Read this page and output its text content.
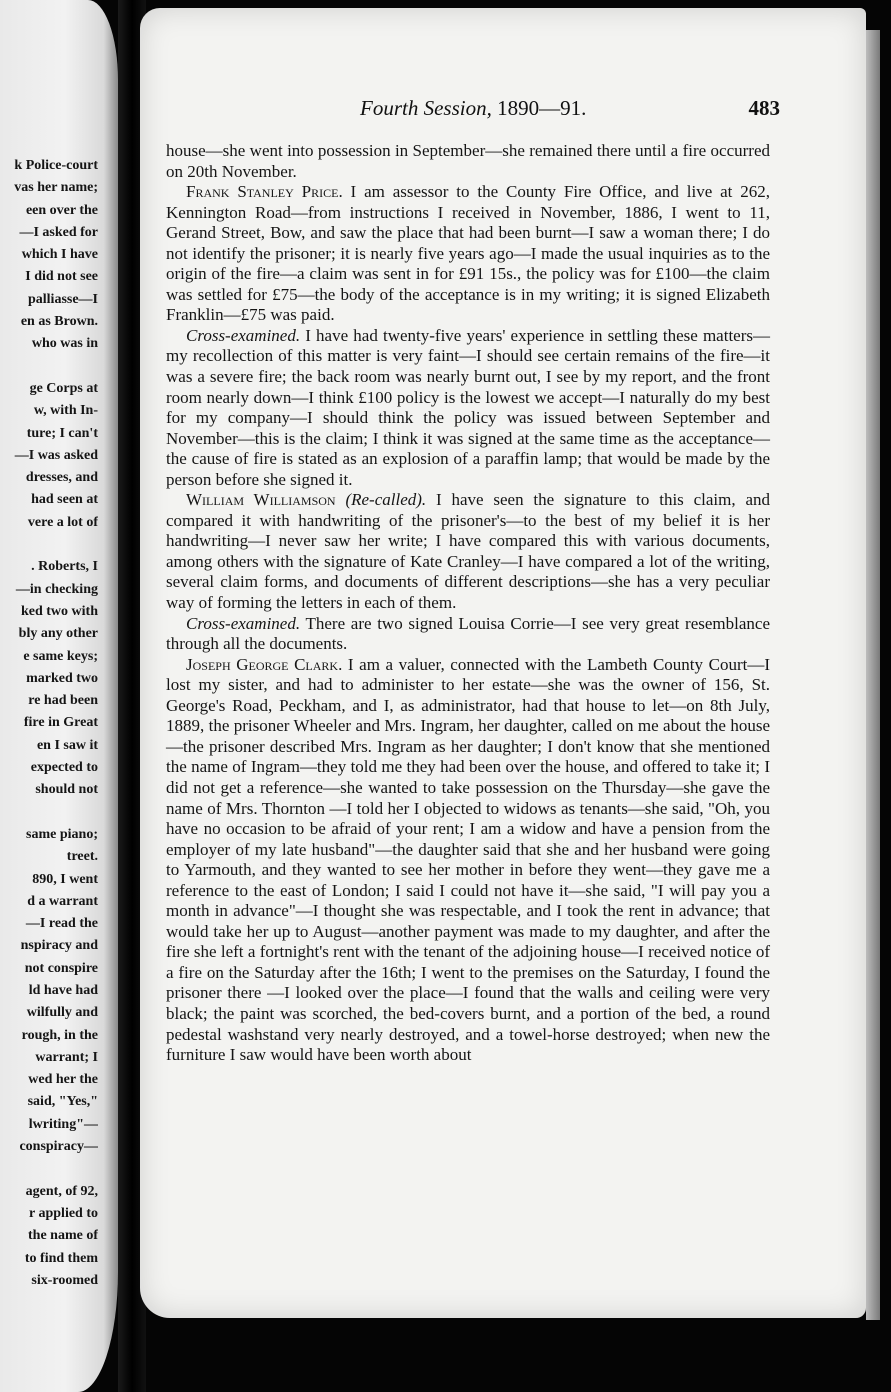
k Police-court
vas her name;
een over the
—I asked for
which I have
I did not see
palliasse—I
en as Brown.
who was in
ge Corps at
w, with In-
ture; I can't
—I was asked
dresses, and
had seen at
vere a lot of
. Roberts, I
—in checking
ked two with
bly any other
e same keys;
marked two
re had been
fire in Great
en I saw it
expected to
should not
same piano;
treet.
890, I went
d a warrant
—I read the
nspiracy and
not conspire
ld have had
wilfully and
rough, in the
warrant; I
wed her the
said, "Yes,"
lwriting"—
conspiracy—
agent, of 92,
r applied to
the name of
to find them
six-roomed
Fourth Session, 1890—91.	483

house—she went into possession in September—she remained there until a fire occurred on 20th November.

Frank Stanley Price. I am assessor to the County Fire Office, and live at 262, Kennington Road—from instructions I received in November, 1886, I went to 11, Gerand Street, Bow, and saw the place that had been burnt—I saw a woman there; I do not identify the prisoner; it is nearly five years ago—I made the usual inquiries as to the origin of the fire—a claim was sent in for £91 15s., the policy was for £100—the claim was settled for £75—the body of the acceptance is in my writing; it is signed Elizabeth Franklin—£75 was paid.

Cross-examined. I have had twenty-five years' experience in settling these matters—my recollection of this matter is very faint—I should see certain remains of the fire—it was a severe fire; the back room was nearly burnt out, I see by my report, and the front room nearly down—I think £100 policy is the lowest we accept—I naturally do my best for my company—I should think the policy was issued between September and November—this is the claim; I think it was signed at the same time as the acceptance—the cause of fire is stated as an explosion of a paraffin lamp; that would be made by the person before she signed it.

William Williamson (Re-called). I have seen the signature to this claim, and compared it with handwriting of the prisoner's—to the best of my belief it is her handwriting—I never saw her write; I have compared this with various documents, among others with the signature of Kate Cranley—I have compared a lot of the writing, several claim forms, and documents of different descriptions—she has a very peculiar way of forming the letters in each of them.

Cross-examined. There are two signed Louisa Corrie—I see very great resemblance through all the documents.

Joseph George Clark. I am a valuer, connected with the Lambeth County Court—I lost my sister, and had to administer to her estate—she was the owner of 156, St. George's Road, Peckham, and I, as administrator, had that house to let—on 8th July, 1889, the prisoner Wheeler and Mrs. Ingram, her daughter, called on me about the house—the prisoner described Mrs. Ingram as her daughter; I don't know that she mentioned the name of Ingram—they told me they had been over the house, and offered to take it; I did not get a reference—she wanted to take possession on the Thursday—she gave the name of Mrs. Thornton —I told her I objected to widows as tenants—she said, "Oh, you have no occasion to be afraid of your rent; I am a widow and have a pension from the employer of my late husband"—the daughter said that she and her husband were going to Yarmouth, and they wanted to see her mother in before they went—they gave me a reference to the east of London; I said I could not have it—she said, "I will pay you a month in advance"—I thought she was respectable, and I took the rent in advance; that would take her up to August—another payment was made to my daughter, and after the fire she left a fortnight's rent with the tenant of the adjoining house—I received notice of a fire on the Saturday after the 16th; I went to the premises on the Saturday, I found the prisoner there —I looked over the place—I found that the walls and ceiling were very black; the paint was scorched, the bed-covers burnt, and a portion of the bed, a round pedestal washstand very nearly destroyed, and a towel-horse destroyed; when new the furniture I saw would have been worth about
